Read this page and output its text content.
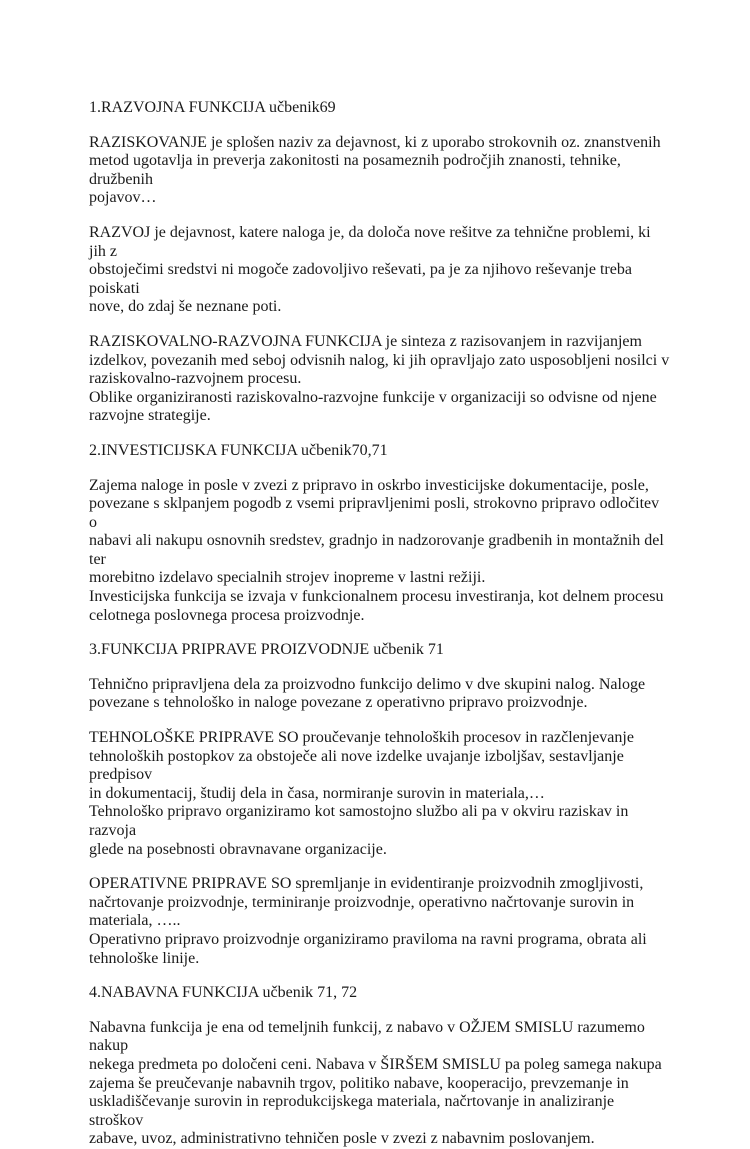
1.RAZVOJNA FUNKCIJA učbenik69

RAZISKOVANJE je splošen naziv za dejavnost, ki z uporabo strokovnih oz. znanstvenih
metod ugotavlja in preverja zakonitosti na posameznih področjih znanosti, tehnike, družbenih
pojavov…

RAZVOJ je dejavnost, katere naloga je, da določa nove rešitve za tehnične problemi, ki jih z
obstoječimi sredstvi ni mogoče zadovoljivo reševati, pa je za njihovo reševanje treba poiskati
nove, do zdaj še neznane poti.

RAZISKOVALNO-RAZVOJNA FUNKCIJA je sinteza z razisovanjem in razvijanjem
izdelkov, povezanih med seboj odvisnih nalog, ki jih opravljajo zato usposobljeni nosilci v
raziskovalno-razvojnem procesu.
Oblike organiziranosti raziskovalno-razvojne funkcije v organizaciji so odvisne od njene
razvojne strategije.

2.INVESTICIJSKA FUNKCIJA učbenik70,71

Zajema naloge in posle v zvezi z pripravo in oskrbo investicijske dokumentacije, posle,
povezane s sklpanjem pogodb z vsemi pripravljenimi posli, strokovno pripravo odločitev o
nabavi ali nakupu osnovnih sredstev, gradnjo in nadzorovanje gradbenih in montažnih del ter
morebitno izdelavo specialnih strojev inopreme v lastni režiji.
Investicijska funkcija se izvaja v funkcionalnem procesu investiranja, kot delnem procesu
celotnega poslovnega procesa proizvodnje.

3.FUNKCIJA PRIPRAVE PROIZVODNJE učbenik 71

Tehnično pripravljena dela za proizvodno funkcijo delimo v dve skupini nalog. Naloge
povezane s tehnološko in naloge povezane z operativno pripravo proizvodnje.

TEHNOLOŠKE PRIPRAVE SO proučevanje tehnoloških procesov in razčlenjevanje
tehnoloških postopkov za obstoječe ali nove izdelke uvajanje izboljšav, sestavljanje predpisov
in dokumentacij, študij dela in časa, normiranje surovin in materiala,…
Tehnološko pripravo organiziramo kot samostojno službo ali pa v okviru raziskav in razvoja
glede na posebnosti obravnavane organizacije.

OPERATIVNE PRIPRAVE SO spremljanje in evidentiranje proizvodnih zmogljivosti,
načrtovanje proizvodnje, terminiranje proizvodnje, operativno načrtovanje surovin in
materiala, …..
Operativno pripravo proizvodnje organiziramo praviloma na ravni programa, obrata ali
tehnološke linije.

4.NABAVNA FUNKCIJA učbenik 71, 72

Nabavna funkcija je ena od temeljnih funkcij, z nabavo v OŽJEM SMISLU razumemo nakup
nekega predmeta po določeni ceni. Nabava v ŠIRŠEM SMISLU pa poleg samega nakupa
zajema še preučevanje nabavnih trgov, politiko nabave, kooperacijo, prevzemanje in
uskladiščevanje surovin in reprodukcijskega materiala, načrtovanje in analiziranje stroškov
zabave, uvoz, administrativno tehničen posle v zvezi z nabavnim poslovanjem.
